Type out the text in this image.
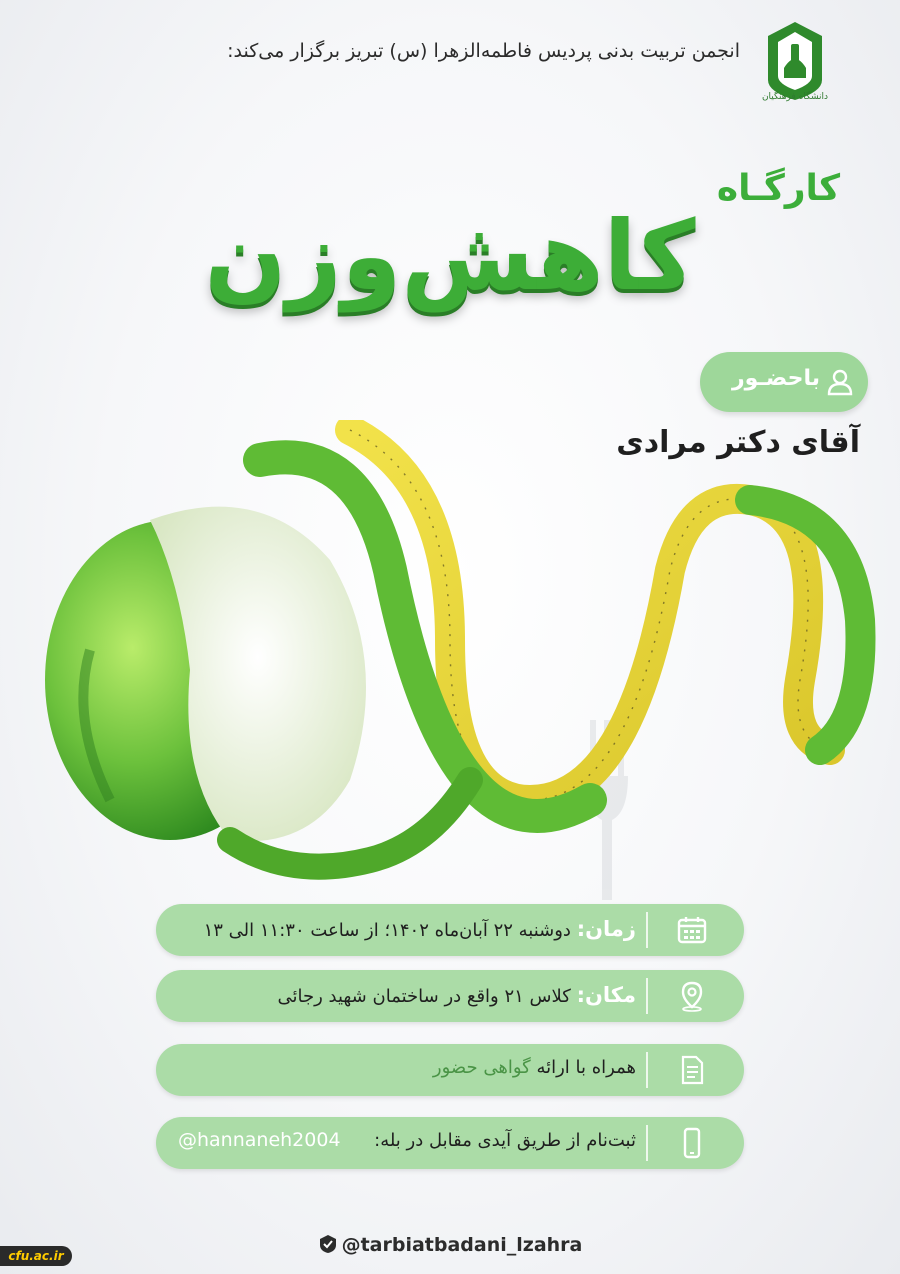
انجمن تربیت بدنی پردیس فاطمه‌الزهرا (س) تبریز برگزار می‌کند:
دانشگاه فرهنگیان
کارگـاه
کاهش‌وزن
باحضـور
آقای دکتر مرادی
زمان: دوشنبه ۲۲ آبان‌ماه ۱۴۰۲؛ از ساعت ۱۱:۳۰ الی ۱۳
مکان: کلاس ۲۱ واقع در ساختمان شهید رجائی
همراه با ارائه گواهی حضور
ثبت‌نام از طریق آیدی مقابل در بله:
@hannaneh2004
@tarbiatbadani_lzahra
cfu.ac.ir
